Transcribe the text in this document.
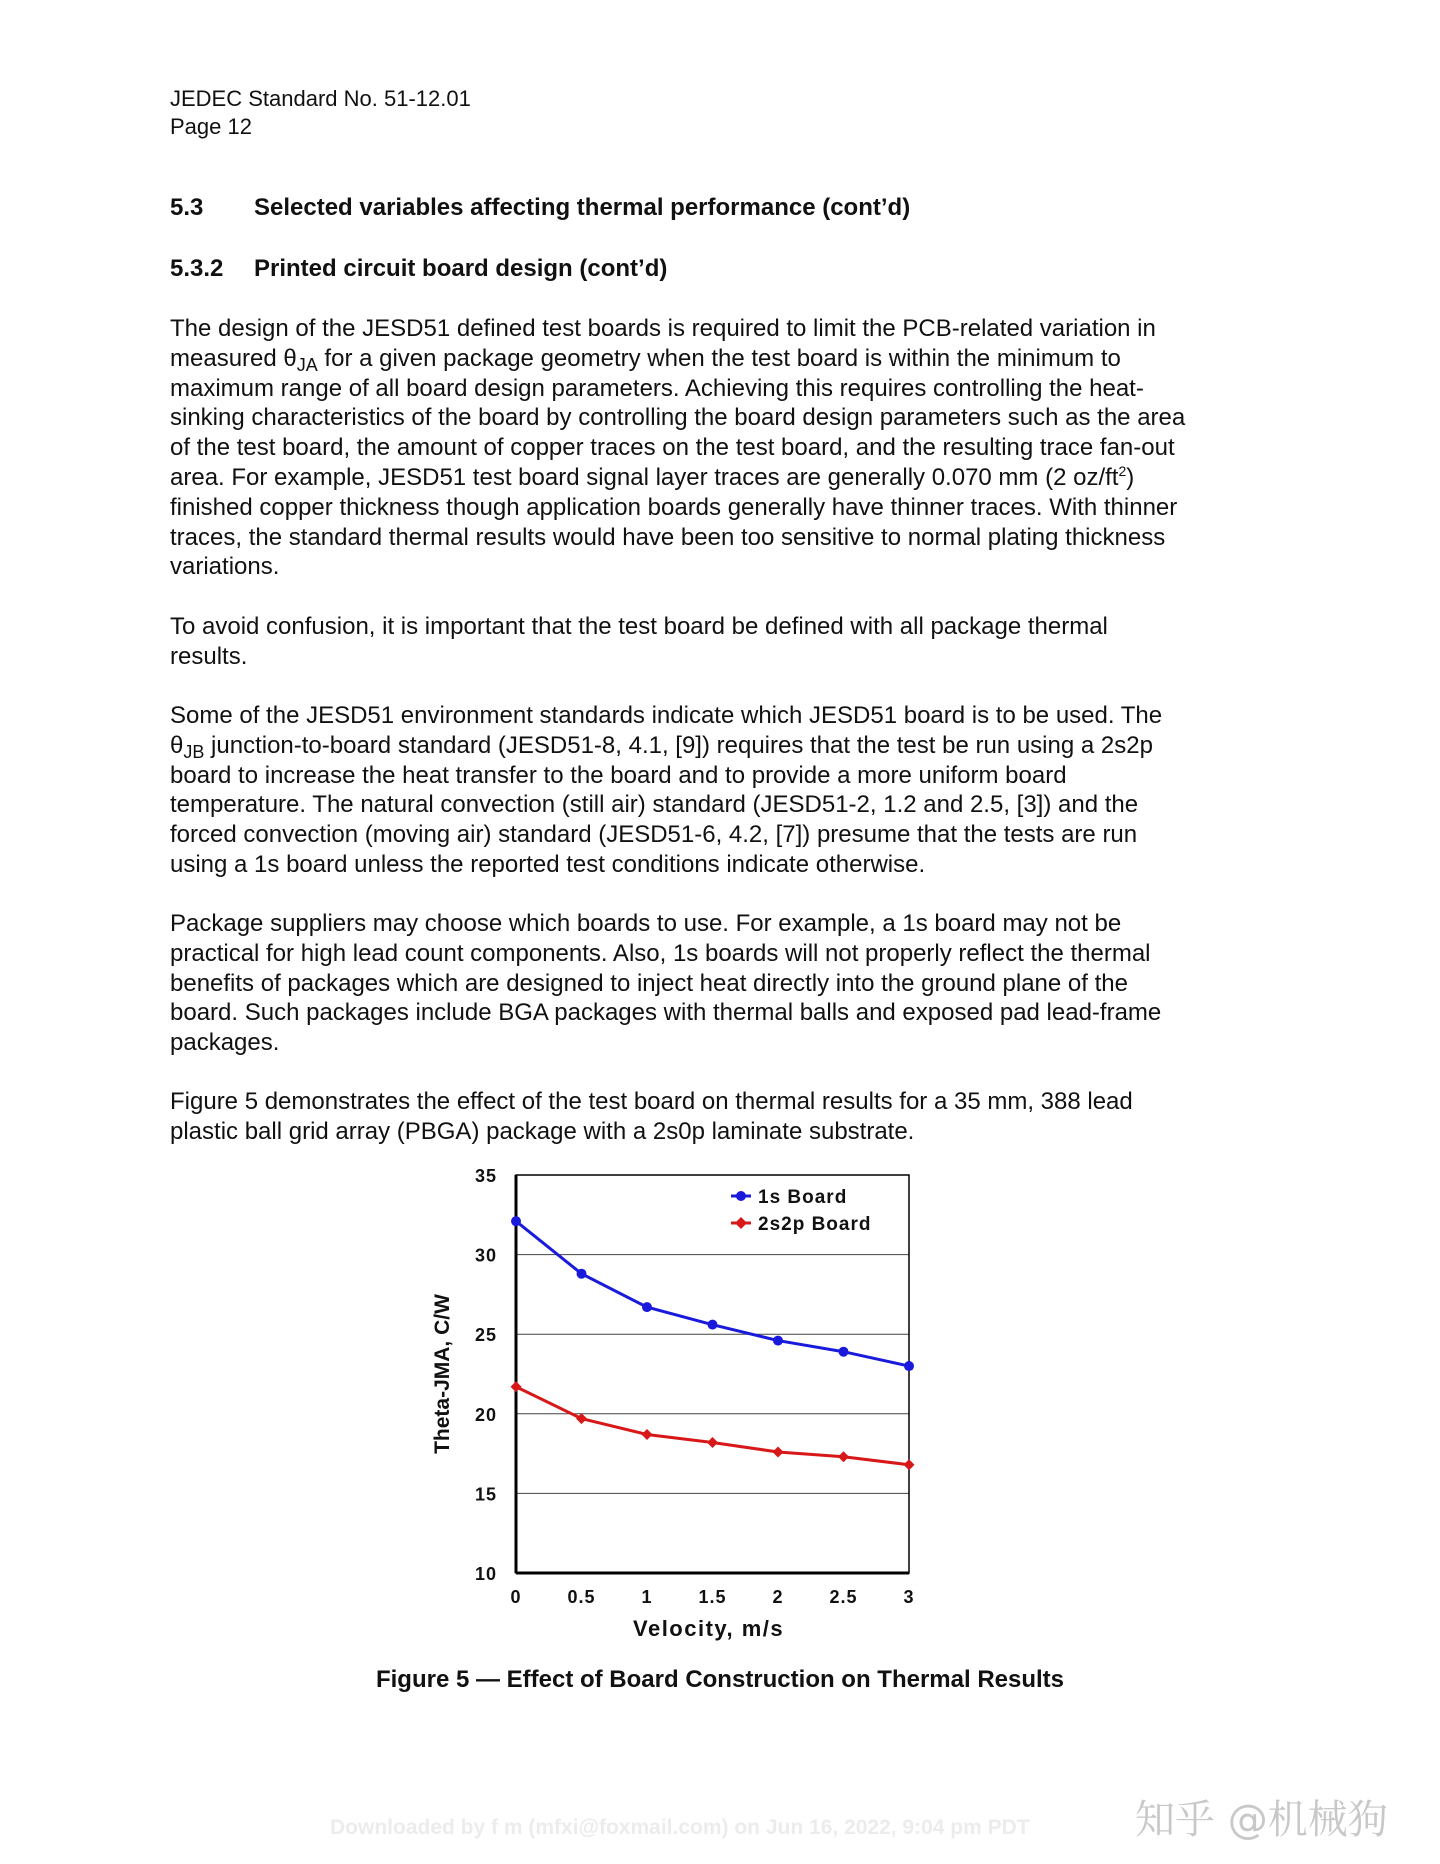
JEDEC Standard No. 51-12.01
Page 12
5.3 Selected variables affecting thermal performance (cont’d)
5.3.2 Printed circuit board design (cont’d)
The design of the JESD51 defined test boards is required to limit the PCB-related variation in
measured $\theta_{JA}$ for a given package geometry when the test board is within the minimum to
maximum range of all board design parameters. Achieving this requires controlling the heat-
sinking characteristics of the board by controlling the board design parameters such as the area
of the test board, the amount of copper traces on the test board, and the resulting trace fan-out
area. For example, JESD51 test board signal layer traces are generally 0.070 mm (2 $oz/ft^2$)
finished copper thickness though application boards generally have thinner traces. With thinner
traces, the standard thermal results would have been too sensitive to normal plating thickness
variations.
To avoid confusion, it is important that the test board be defined with all package thermal
results.
Some of the JESD51 environment standards indicate which JESD51 board is to be used. The
$\theta_{JB}$ junction-to-board standard (JESD51-8, 4.1, [9]) requires that the test be run using a 2s2p
board to increase the heat transfer to the board and to provide a more uniform board
temperature. The natural convection (still air) standard (JESD51-2, 1.2 and 2.5, [3]) and the
forced convection (moving air) standard (JESD51-6, 4.2, [7]) presume that the tests are run
using a 1s board unless the reported test conditions indicate otherwise.
Package suppliers may choose which boards to use. For example, a 1s board may not be
practical for high lead count components. Also, 1s boards will not properly reflect the thermal
benefits of packages which are designed to inject heat directly into the ground plane of the
board. Such packages include BGA packages with thermal balls and exposed pad lead-frame
packages.
Figure 5 demonstrates the effect of the test board on thermal results for a 35 mm, 388 lead
plastic ball grid array (PBGA) package with a 2s0p laminate substrate.
10
15
20
25
30
35
0	0.5	1	1.5	2	2.5	3
1s Board
2s2p Board
Velocity, m/s
Theta-JMA, C/W
Figure 5 — Effect of Board Construction on Thermal Results
Downloaded by f m (mfxi@foxmail.com) on Jun 16, 2022, 9:04 pm PDT	知乎 @机械狗
